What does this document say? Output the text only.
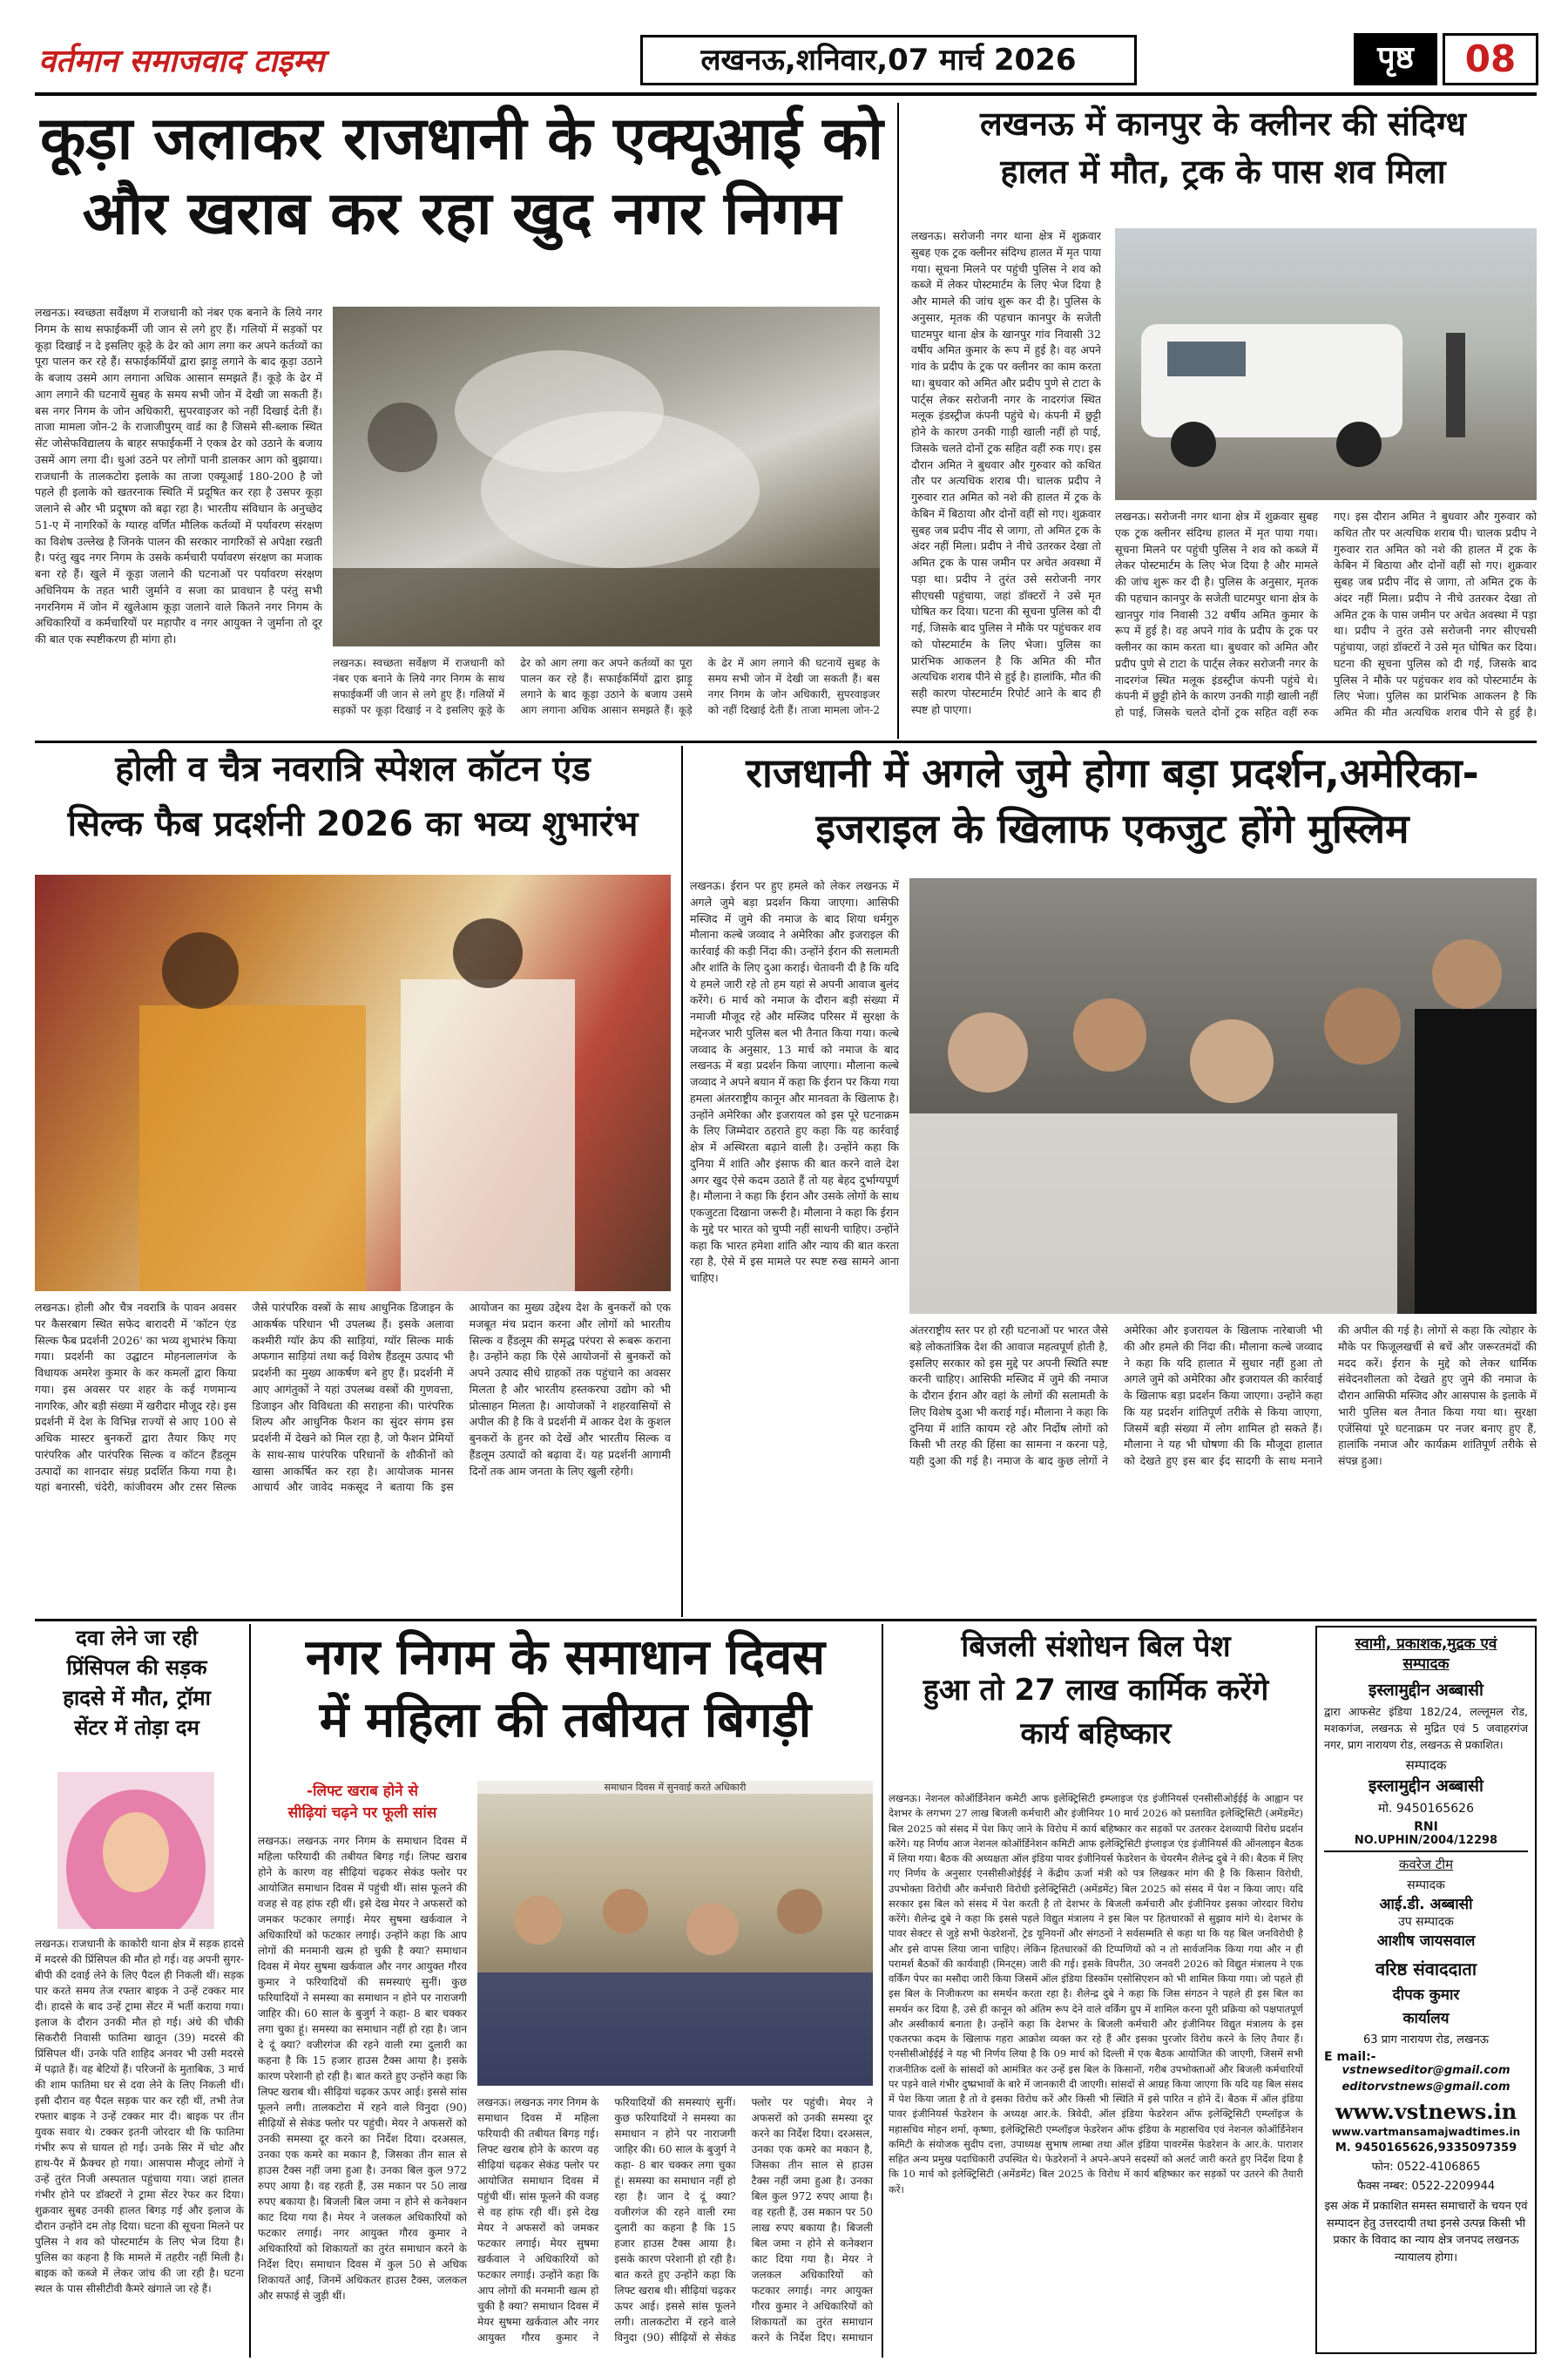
वर्तमान समाजवाद टाइम्स	लखनऊ,शनिवार,07 मार्च 2026	पृष्ठ	08
कूड़ा जलाकर राजधानी के एक्यूआई को
और खराब कर रहा खुद नगर निगम
लखनऊ। स्वच्छता सर्वेक्षण में राजधानी को नंबर एक बनाने के लिये नगर निगम के साथ सफाईकर्मी जी जान से लगे हुए हैं। गलियों में सड़कों पर कूड़ा दिखाई न दे इसलिए कूड़े के ढेर को आग लगा कर अपने कर्तव्यों का पूरा पालन कर रहे हैं। सफाईकर्मियों द्वारा झाड़ू लगाने के बाद कूड़ा उठाने के बजाय उसमे आग लगाना अधिक आसान समझते हैं। कूड़े के ढेर में आग लगाने की घटनायें सुबह के समय सभी जोन में देखी जा सकती हैं। बस नगर निगम के जोन अधिकारी, सुपरवाइजर को नहीं दिखाई देती हैं। ताजा मामला जोन-2 के राजाजीपुरम् वार्ड का है जिसमे सी-ब्लाक स्थित सेंट जोसेफविद्यालय के बाहर सफाईकर्मी ने एकत्र ढेर को उठाने के बजाय उसमें आग लगा दी। धुआं उठने पर लोगों पानी डालकर आग को बुझाया। राजधानी के तालकटोरा इलाके का ताजा एक्यूआई 180-200 है जो पहले ही इलाके को खतरनाक स्थिति में प्रदूषित कर रहा है उसपर कूड़ा जलाने से और भी प्रदूषण को बढ़ा रहा है। भारतीय संविधान के अनुच्छेद 51-ए में नागरिकों के ग्यारह वर्णित मौलिक कर्तव्यों में पर्यावरण संरक्षण का विशेष उल्लेख है जिनके पालन की सरकार नागरिकों से अपेक्षा रखती है। परंतु खुद नगर निगम के उसके कर्मचारी पर्यावरण संरक्षण का मजाक बना रहे हैं। खुले में कूड़ा जलाने की घटनाओं पर पर्यावरण संरक्षण अधिनियम के तहत भारी जुर्माने व सजा का प्रावधान है परंतु सभी नगरनिगम में जोन में खुलेआम कूड़ा जलाने वाले कितने नगर निगम के अधिकारियों व कर्मचारियों पर महापौर व नगर आयुक्त ने जुर्माना तो दूर की बात एक स्पष्टीकरण ही मांगा हो।
लखनऊ। स्वच्छता सर्वेक्षण में राजधानी को नंबर एक बनाने के लिये नगर निगम के साथ सफाईकर्मी जी जान से लगे हुए हैं। गलियों में सड़कों पर कूड़ा दिखाई न दे इसलिए कूड़े के ढेर को आग लगा कर अपने कर्तव्यों का पूरा पालन कर रहे हैं। सफाईकर्मियों द्वारा झाड़ू लगाने के बाद कूड़ा उठाने के बजाय उसमे आग लगाना अधिक आसान समझते हैं। कूड़े के ढेर में आग लगाने की घटनायें सुबह के समय सभी जोन में देखी जा सकती हैं। बस नगर निगम के जोन अधिकारी, सुपरवाइजर को नहीं दिखाई देती हैं। ताजा मामला जोन-2
लखनऊ में कानपुर के क्लीनर की संदिग्ध
हालत में मौत, ट्रक के पास शव मिला
लखनऊ। सरोजनी नगर थाना क्षेत्र में शुक्रवार सुबह एक ट्रक क्लीनर संदिग्ध हालत में मृत पाया गया। सूचना मिलने पर पहुंची पुलिस ने शव को कब्जे में लेकर पोस्टमार्टम के लिए भेज दिया है और मामले की जांच शुरू कर दी है। पुलिस के अनुसार, मृतक की पहचान कानपुर के सजेती घाटमपुर थाना क्षेत्र के खानपुर गांव निवासी 32 वर्षीय अमित कुमार के रूप में हुई है। वह अपने गांव के प्रदीप के ट्रक पर क्लीनर का काम करता था। बुधवार को अमित और प्रदीप पुणे से टाटा के पार्ट्स लेकर सरोजनी नगर के नादरगंज स्थित मलूक इंडस्ट्रीज कंपनी पहुंचे थे। कंपनी में छुट्टी होने के कारण उनकी गाड़ी खाली नहीं हो पाई, जिसके चलते दोनों ट्रक सहित वहीं रुक गए। इस दौरान अमित ने बुधवार और गुरुवार को कथित तौर पर अत्यधिक शराब पी। चालक प्रदीप ने गुरुवार रात अमित को नशे की हालत में ट्रक के केबिन में बिठाया और दोनों वहीं सो गए। शुक्रवार सुबह जब प्रदीप नींद से जागा, तो अमित ट्रक के अंदर नहीं मिला। प्रदीप ने नीचे उतरकर देखा तो अमित ट्रक के पास जमीन पर अचेत अवस्था में पड़ा था। प्रदीप ने तुरंत उसे सरोजनी नगर सीएचसी पहुंचाया, जहां डॉक्टरों ने उसे मृत घोषित कर दिया। घटना की सूचना पुलिस को दी गई, जिसके बाद पुलिस ने मौके पर पहुंचकर शव को पोस्टमार्टम के लिए भेजा। पुलिस का प्रारंभिक आकलन है कि अमित की मौत अत्यधिक शराब पीने से हुई है। हालांकि, मौत की सही कारण पोस्टमार्टम रिपोर्ट आने के बाद ही स्पष्ट हो पाएगा।
लखनऊ। सरोजनी नगर थाना क्षेत्र में शुक्रवार सुबह एक ट्रक क्लीनर संदिग्ध हालत में मृत पाया गया। सूचना मिलने पर पहुंची पुलिस ने शव को कब्जे में लेकर पोस्टमार्टम के लिए भेज दिया है और मामले की जांच शुरू कर दी है। पुलिस के अनुसार, मृतक की पहचान कानपुर के सजेती घाटमपुर थाना क्षेत्र के खानपुर गांव निवासी 32 वर्षीय अमित कुमार के रूप में हुई है। वह अपने गांव के प्रदीप के ट्रक पर क्लीनर का काम करता था। बुधवार को अमित और प्रदीप पुणे से टाटा के पार्ट्स लेकर सरोजनी नगर के नादरगंज स्थित मलूक इंडस्ट्रीज कंपनी पहुंचे थे। कंपनी में छुट्टी होने के कारण उनकी गाड़ी खाली नहीं हो पाई, जिसके चलते दोनों ट्रक सहित वहीं रुक गए। इस दौरान अमित ने बुधवार और गुरुवार को कथित तौर पर अत्यधिक शराब पी। चालक प्रदीप ने गुरुवार रात अमित को नशे की हालत में ट्रक के केबिन में बिठाया और दोनों वहीं सो गए। शुक्रवार सुबह जब प्रदीप नींद से जागा, तो अमित ट्रक के अंदर नहीं मिला। प्रदीप ने नीचे उतरकर देखा तो अमित ट्रक के पास जमीन पर अचेत अवस्था में पड़ा था। प्रदीप ने तुरंत उसे सरोजनी नगर सीएचसी पहुंचाया, जहां डॉक्टरों ने उसे मृत घोषित कर दिया। घटना की सूचना पुलिस को दी गई, जिसके बाद पुलिस ने मौके पर पहुंचकर शव को पोस्टमार्टम के लिए भेजा। पुलिस का प्रारंभिक आकलन है कि अमित की मौत अत्यधिक शराब पीने से हुई है।
होली व चैत्र नवरात्रि स्पेशल कॉटन एंड
सिल्क फैब प्रदर्शनी 2026 का भव्य शुभारंभ
लखनऊ। होली और चैत्र नवरात्रि के पावन अवसर पर कैसरबाग स्थित सफेद बारादरी में 'कॉटन एंड सिल्क फैब प्रदर्शनी 2026' का भव्य शुभारंभ किया गया। प्रदर्शनी का उद्घाटन मोहनलालगंज के विधायक अमरेश कुमार के कर कमलों द्वारा किया गया। इस अवसर पर शहर के कई गणमान्य नागरिक, और बड़ी संख्या में खरीदार मौजूद रहे। इस प्रदर्शनी में देश के विभिन्न राज्यों से आए 100 से अधिक मास्टर बुनकरों द्वारा तैयार किए गए पारंपरिक और पारंपरिक सिल्क व कॉटन हैंडलूम उत्पादों का शानदार संग्रह प्रदर्शित किया गया है। यहां बनारसी, चंदेरी, कांजीवरम और टसर सिल्क जैसे पारंपरिक वस्त्रों के साथ आधुनिक डिजाइन के आकर्षक परिधान भी उपलब्ध हैं। इसके अलावा कश्मीरी ग्यॉर क्रेप की साड़ियां, ग्यॉर सिल्क मार्क अफगान साड़ियां तथा कई विशेष हैंडलूम उत्पाद भी प्रदर्शनी का मुख्य आकर्षण बने हुए हैं। प्रदर्शनी में आए आगंतुकों ने यहां उपलब्ध वस्त्रों की गुणवत्ता, डिजाइन और विविधता की सराहना की। पारंपरिक शिल्प और आधुनिक फैशन का सुंदर संगम इस प्रदर्शनी में देखने को मिल रहा है, जो फैशन प्रेमियों के साथ-साथ पारंपरिक परिधानों के शौकीनों को खासा आकर्षित कर रहा है। आयोजक मानस आचार्य और जावेद मकसूद ने बताया कि इस आयोजन का मुख्य उद्देश्य देश के बुनकरों को एक मजबूत मंच प्रदान करना और लोगों को भारतीय सिल्क व हैंडलूम की समृद्ध परंपरा से रूबरू कराना है। उन्होंने कहा कि ऐसे आयोजनों से बुनकरों को अपने उत्पाद सीधे ग्राहकों तक पहुंचाने का अवसर मिलता है और भारतीय हस्तकरघा उद्योग को भी प्रोत्साहन मिलता है। आयोजकों ने शहरवासियों से अपील की है कि वे प्रदर्शनी में आकर देश के कुशल बुनकरों के हुनर को देखें और भारतीय सिल्क व हैंडलूम उत्पादों को बढ़ावा दें। यह प्रदर्शनी आगामी दिनों तक आम जनता के लिए खुली रहेगी।
राजधानी में अगले जुमे होगा बड़ा प्रदर्शन,अमेरिका-
इजराइल के खिलाफ एकजुट होंगे मुस्लिम
लखनऊ। ईरान पर हुए हमले को लेकर लखनऊ में अगले जुमे बड़ा प्रदर्शन किया जाएगा। आसिफी मस्जिद में जुमे की नमाज के बाद शिया धर्मगुरु मौलाना कल्बे जव्वाद ने अमेरिका और इजराइल की कार्रवाई की कड़ी निंदा की। उन्होंने ईरान की सलामती और शांति के लिए दुआ कराई। चेतावनी दी है कि यदि ये हमले जारी रहे तो हम यहां से अपनी आवाज बुलंद करेंगे। 6 मार्च को नमाज के दौरान बड़ी संख्या में नमाजी मौजूद रहे और मस्जिद परिसर में सुरक्षा के मद्देनजर भारी पुलिस बल भी तैनात किया गया। कल्बे जव्वाद के अनुसार, 13 मार्च को नमाज के बाद लखनऊ में बड़ा प्रदर्शन किया जाएगा। मौलाना कल्बे जव्वाद ने अपने बयान में कहा कि ईरान पर किया गया हमला अंतरराष्ट्रीय कानून और मानवता के खिलाफ है। उन्होंने अमेरिका और इजरायल को इस पूरे घटनाक्रम के लिए जिम्मेदार ठहराते हुए कहा कि यह कार्रवाई क्षेत्र में अस्थिरता बढ़ाने वाली है। उन्होंने कहा कि दुनिया में शांति और इंसाफ की बात करने वाले देश अगर खुद ऐसे कदम उठाते हैं तो यह बेहद दुर्भाग्यपूर्ण है। मौलाना ने कहा कि ईरान और उसके लोगों के साथ एकजुटता दिखाना जरूरी है। मौलाना ने कहा कि ईरान के मुद्दे पर भारत को चुप्पी नहीं साधनी चाहिए। उन्होंने कहा कि भारत हमेशा शांति और न्याय की बात करता रहा है, ऐसे में इस मामले पर स्पष्ट रुख सामने आना चाहिए।
अंतरराष्ट्रीय स्तर पर हो रही घटनाओं पर भारत जैसे बड़े लोकतांत्रिक देश की आवाज महत्वपूर्ण होती है, इसलिए सरकार को इस मुद्दे पर अपनी स्थिति स्पष्ट करनी चाहिए। आसिफी मस्जिद में जुमे की नमाज के दौरान ईरान और वहां के लोगों की सलामती के लिए विशेष दुआ भी कराई गई। मौलाना ने कहा कि दुनिया में शांति कायम रहे और निर्दोष लोगों को किसी भी तरह की हिंसा का सामना न करना पड़े, यही दुआ की गई है। नमाज के बाद कुछ लोगों ने अमेरिका और इजरायल के खिलाफ नारेबाजी भी की और हमले की निंदा की। मौलाना कल्बे जव्वाद ने कहा कि यदि हालात में सुधार नहीं हुआ तो अगले जुमे को अमेरिका और इजरायल की कार्रवाई के खिलाफ बड़ा प्रदर्शन किया जाएगा। उन्होंने कहा कि यह प्रदर्शन शांतिपूर्ण तरीके से किया जाएगा, जिसमें बड़ी संख्या में लोग शामिल हो सकते हैं। मौलाना ने यह भी घोषणा की कि मौजूदा हालात को देखते हुए इस बार ईद सादगी के साथ मनाने की अपील की गई है। लोगों से कहा कि त्योहार के मौके पर फिजूलखर्ची से बचें और जरूरतमंदों की मदद करें। ईरान के मुद्दे को लेकर धार्मिक संवेदनशीलता को देखते हुए जुमे की नमाज के दौरान आसिफी मस्जिद और आसपास के इलाके में भारी पुलिस बल तैनात किया गया था। सुरक्षा एजेंसियां पूरे घटनाक्रम पर नजर बनाए हुए हैं, हालांकि नमाज और कार्यक्रम शांतिपूर्ण तरीके से संपन्न हुआ।
दवा लेने जा रही
प्रिंसिपल की सड़क
हादसे में मौत, ट्रॉमा
सेंटर में तोड़ा दम
लखनऊ। राजधानी के काकोरी थाना क्षेत्र में सड़क हादसे में मदरसे की प्रिंसिपल की मौत हो गई। वह अपनी सुगर-बीपी की दवाई लेने के लिए पैदल ही निकली थीं। सड़क पार करते समय तेज रफ्तार बाइक ने उन्हें टक्कर मार दी। हादसे के बाद उन्हें ट्रामा सेंटर में भर्ती कराया गया। इलाज के दौरान उनकी मौत हो गई। अंधे की चौकी सिकरौरी निवासी फातिमा खातून (39) मदरसे की प्रिंसिपल थीं। उनके पति शाहिद अनवर भी उसी मदरसे में पढ़ाते हैं। वह बेटियों हैं। परिजनों के मुताबिक, 3 मार्च की शाम फातिमा घर से दवा लेने के लिए निकली थीं। इसी दौरान वह पैदल सड़क पार कर रही थीं, तभी तेज रफ्तार बाइक ने उन्हें टक्कर मार दी। बाइक पर तीन युवक सवार थे। टक्कर इतनी जोरदार थी कि फातिमा गंभीर रूप से घायल हो गईं। उनके सिर में चोट और हाथ-पैर में फ्रैक्चर हो गया। आसपास मौजूद लोगों ने उन्हें तुरंत निजी अस्पताल पहुंचाया गया। जहां हालत गंभीर होने पर डॉक्टरों ने ट्रामा सेंटर रेफर कर दिया। शुक्रवार सुबह उनकी हालत बिगड़ गई और इलाज के दौरान उन्होंने दम तोड़ दिया। घटना की सूचना मिलने पर पुलिस ने शव को पोस्टमार्टम के लिए भेज दिया है। पुलिस का कहना है कि मामले में तहरीर नहीं मिली है। बाइक को कब्जे में लेकर जांच की जा रही है। घटना स्थल के पास सीसीटीवी कैमरे खंगाले जा रहे हैं।
नगर निगम के समाधान दिवस
में महिला की तबीयत बिगड़ी
-लिफ्ट खराब होने से
सीढ़ियां चढ़ने पर फूली सांस
लखनऊ। लखनऊ नगर निगम के समाधान दिवस में महिला फरियादी की तबीयत बिगड़ गई। लिफ्ट खराब होने के कारण वह सीढ़ियां चढ़कर सेकंड फ्लोर पर आयोजित समाधान दिवस में पहुंची थीं। सांस फूलने की वजह से वह हांफ रही थीं। इसे देख मेयर ने अफसरों को जमकर फटकार लगाई। मेयर सुषमा खर्कवाल ने अधिकारियों को फटकार लगाई। उन्होंने कहा कि आप लोगों की मनमानी खत्म हो चुकी है क्या? समाधान दिवस में मेयर सुषमा खर्कवाल और नगर आयुक्त गौरव कुमार ने फरियादियों की समस्याएं सुनीं। कुछ फरियादियों ने समस्या का समाधान न होने पर नाराजगी जाहिर की। 60 साल के बुजुर्ग ने कहा- 8 बार चक्कर लगा चुका हूं। समस्या का समाधान नहीं हो रहा है। जान दे दूं क्या? वजीरगंज की रहने वाली रमा दुलारी का कहना है कि 15 हजार हाउस टैक्स आया है। इसके कारण परेशानी हो रही है। बात करते हुए उन्होंने कहा कि लिफ्ट खराब थी। सीढ़ियां चढ़कर ऊपर आई। इससे सांस फूलने लगी। तालकटोरा में रहने वाले विनुदा (90) सीढ़ियों से सेकंड फ्लोर पर पहुंची। मेयर ने अफसरों को उनकी समस्या दूर करने का निर्देश दिया। दरअसल, उनका एक कमरे का मकान है, जिसका तीन साल से हाउस टैक्स नहीं जमा हुआ है। उनका बिल कुल 972 रुपए आया है। वह रहती हैं, उस मकान पर 50 लाख रुपए बकाया है। बिजली बिल जमा न होने से कनेक्शन काट दिया गया है। मेयर ने जलकल अधिकारियों को फटकार लगाई। नगर आयुक्त गौरव कुमार ने अधिकारियों को शिकायतों का तुरंत समाधान करने के निर्देश दिए। समाधान दिवस में कुल 50 से अधिक शिकायतें आईं, जिनमें अधिकतर हाउस टैक्स, जलकल और सफाई से जुड़ी थीं।
समाधान दिवस में सुनवाई करते अधिकारी
लखनऊ। लखनऊ नगर निगम के समाधान दिवस में महिला फरियादी की तबीयत बिगड़ गई। लिफ्ट खराब होने के कारण वह सीढ़ियां चढ़कर सेकंड फ्लोर पर आयोजित समाधान दिवस में पहुंची थीं। सांस फूलने की वजह से वह हांफ रही थीं। इसे देख मेयर ने अफसरों को जमकर फटकार लगाई। मेयर सुषमा खर्कवाल ने अधिकारियों को फटकार लगाई। उन्होंने कहा कि आप लोगों की मनमानी खत्म हो चुकी है क्या? समाधान दिवस में मेयर सुषमा खर्कवाल और नगर आयुक्त गौरव कुमार ने फरियादियों की समस्याएं सुनीं। कुछ फरियादियों ने समस्या का समाधान न होने पर नाराजगी जाहिर की। 60 साल के बुजुर्ग ने कहा- 8 बार चक्कर लगा चुका हूं। समस्या का समाधान नहीं हो रहा है। जान दे दूं क्या? वजीरगंज की रहने वाली रमा दुलारी का कहना है कि 15 हजार हाउस टैक्स आया है। इसके कारण परेशानी हो रही है। बात करते हुए उन्होंने कहा कि लिफ्ट खराब थी। सीढ़ियां चढ़कर ऊपर आई। इससे सांस फूलने लगी। तालकटोरा में रहने वाले विनुदा (90) सीढ़ियों से सेकंड फ्लोर पर पहुंची। मेयर ने अफसरों को उनकी समस्या दूर करने का निर्देश दिया। दरअसल, उनका एक कमरे का मकान है, जिसका तीन साल से हाउस टैक्स नहीं जमा हुआ है। उनका बिल कुल 972 रुपए आया है। वह रहती हैं, उस मकान पर 50 लाख रुपए बकाया है। बिजली बिल जमा न होने से कनेक्शन काट दिया गया है। मेयर ने जलकल अधिकारियों को फटकार लगाई। नगर आयुक्त गौरव कुमार ने अधिकारियों को शिकायतों का तुरंत समाधान करने के निर्देश दिए। समाधान
बिजली संशोधन बिल पेश
हुआ तो 27 लाख कार्मिक करेंगे
कार्य बहिष्कार
लखनऊ। नेशनल कोऑर्डिनेशन कमेटी आफ इलेक्ट्रिसिटी इम्प्लाइज एंड इंजीनियर्स एनसीसीओईईई के आह्वान पर देशभर के लगभग 27 लाख बिजली कर्मचारी और इंजीनियर 10 मार्च 2026 को प्रस्तावित इलेक्ट्रिसिटी (अमेंडमेंट) बिल 2025 को संसद में पेश किए जाने के विरोध में कार्य बहिष्कार कर सड़कों पर उतरकर देशव्यापी विरोध प्रदर्शन करेंगे। यह निर्णय आज नेशनल कोऑर्डिनेशन कमिटी आफ इलेक्ट्रिसिटी इंप्लाइज एंड इंजीनियर्स की ऑनलाइन बैठक में लिया गया। बैठक की अध्यक्षता ऑल इंडिया पावर इंजीनियर्स फेडरेशन के चेयरमैन शैलेन्द्र दुबे ने की। बैठक में लिए गए निर्णय के अनुसार एनसीसीओईईई ने केंद्रीय ऊर्जा मंत्री को पत्र लिखकर मांग की है कि किसान विरोधी, उपभोक्ता विरोधी और कर्मचारी विरोधी इलेक्ट्रिसिटी (अमेंडमेंट) बिल 2025 को संसद में पेश न किया जाए। यदि सरकार इस बिल को संसद में पेश करती है तो देशभर के बिजली कर्मचारी और इंजीनियर इसका जोरदार विरोध करेंगे। शैलेन्द्र दुबे ने कहा कि इससे पहले विद्युत मंत्रालय ने इस बिल पर हितधारकों से सुझाव मांगे थे। देशभर के पावर सेक्टर से जुड़े सभी फेडरेशनों, ट्रेड यूनियनों और संगठनों ने सर्वसम्मति से कहा था कि यह बिल जनविरोधी है और इसे वापस लिया जाना चाहिए। लेकिन हितधारकों की टिप्पणियों को न तो सार्वजनिक किया गया और न ही परामर्श बैठकों की कार्यवाही (मिनट्स) जारी की गई। इसके विपरीत, 30 जनवरी 2026 को विद्युत मंत्रालय ने एक वर्किंग पेपर का मसौदा जारी किया जिसमें ऑल इंडिया डिस्कॉम एसोसिएशन को भी शामिल किया गया। जो पहले ही इस बिल के निजीकरण का समर्थन करता रहा है। शैलेन्द्र दुबे ने कहा कि जिस संगठन ने पहले ही इस बिल का समर्थन कर दिया है, उसे ही कानून को अंतिम रूप देने वाले वर्किंग ग्रुप में शामिल करना पूरी प्रक्रिया को पक्षपातपूर्ण और अस्वीकार्य बनाता है। उन्होंने कहा कि देशभर के बिजली कर्मचारी और इंजीनियर विद्युत मंत्रालय के इस एकतरफा कदम के खिलाफ गहरा आक्रोश व्यक्त कर रहे हैं और इसका पुरजोर विरोध करने के लिए तैयार हैं। एनसीसीओईईई ने यह भी निर्णय लिया है कि 09 मार्च को दिल्ली में एक बैठक आयोजित की जाएगी, जिसमें सभी राजनीतिक दलों के सांसदों को आमंत्रित कर उन्हें इस बिल के किसानों, गरीब उपभोक्ताओं और बिजली कर्मचारियों पर पड़ने वाले गंभीर दुष्प्रभावों के बारे में जानकारी दी जाएगी। सांसदों से आग्रह किया जाएगा कि यदि यह बिल संसद में पेश किया जाता है तो वे इसका विरोध करें और किसी भी स्थिति में इसे पारित न होने दें। बैठक में ऑल इंडिया पावर इंजीनियर्स फेडरेशन के अध्यक्ष आर.के. त्रिवेदी, ऑल इंडिया फेडरेशन ऑफ इलेक्ट्रिसिटी एम्प्लॉइज के महासचिव मोहन शर्मा, कृष्णा, इलेक्ट्रिसिटी एम्प्लॉइज फेडरेशन ऑफ इंडिया के महासचिव एवं नेशनल कोऑर्डिनेशन कमिटी के संयोजक सुदीप दत्ता, उपाध्यक्ष सुभाष लाम्बा तथा ऑल इंडिया पावरमेंस फेडरेशन के आर.के. पाराशर सहित अन्य प्रमुख पदाधिकारी उपस्थित थे। फेडरेशनों ने अपने-अपने सदस्यों को अलर्ट जारी करते हुए निर्देश दिया है कि 10 मार्च को इलेक्ट्रिसिटी (अमेंडमेंट) बिल 2025 के विरोध में कार्य बहिष्कार कर सड़कों पर उतरने की तैयारी करें।
स्वामी, प्रकाशक,मुद्रक एवं
सम्पादक
इस्लामुद्दीन अब्बासी
द्वारा आफसेट इंडिया 182/24, लल्लूमल रोड, मशकगंज, लखनऊ से मुद्रित एवं 5 जवाहरगंज नगर, प्राग नारायण रोड, लखनऊ से प्रकाशित।
सम्पादक
इस्लामुद्दीन अब्बासी
मो. 9450165626
RNI
NO.UPHIN/2004/12298
कवरेज टीम
सम्पादक
आई.डी. अब्बासी
उप सम्पादक
आशीष जायसवाल
वरिष्ठ संवाददाता
दीपक कुमार
कार्यालय
63 प्राग नारायण रोड, लखनऊ
E mail:-
vstnewseditor@gmail.com
editorvstnews@gmail.com
www.vstnews.in
www.vartmansamajwadtimes.in
M. 9450165626,9335097359
फोन: 0522-4106865
फैक्स नम्बर: 0522-2209944
इस अंक में प्रकाशित समस्त समाचारों के चयन एवं सम्पादन हेतु उत्तरदायी तथा इनसे उत्पन्न किसी भी प्रकार के विवाद का न्याय क्षेत्र जनपद लखनऊ न्यायालय होगा।
